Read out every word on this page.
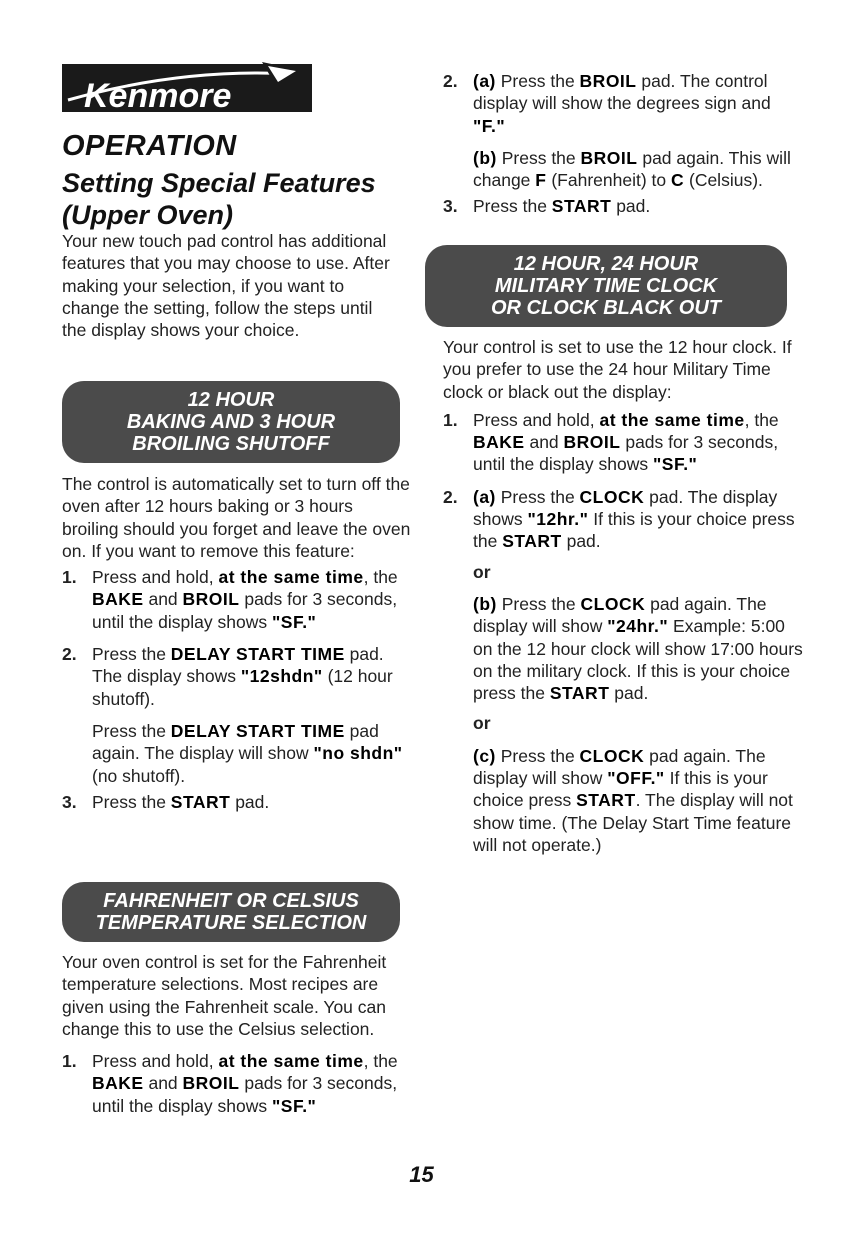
Kenmore
OPERATION
Setting Special Features
(Upper Oven)

Your new touch pad control has additional features that you may choose to use. After making your selection, if you want to change the setting, follow the steps until the display shows your choice.

12 HOUR
BAKING AND 3 HOUR
BROILING SHUTOFF

The control is automatically set to turn off the oven after 12 hours baking or 3 hours broiling should you forget and leave the oven on. If you want to remove this feature:

1. Press and hold, at the same time, the BAKE and BROIL pads for 3 seconds, until the display shows "SF."
2. Press the DELAY START TIME pad. The display shows "12shdn" (12 hour shutoff).
Press the DELAY START TIME pad again. The display will show "no shdn" (no shutoff).
3. Press the START pad.
FAHRENHEIT OR CELSIUS
TEMPERATURE SELECTION

Your oven control is set for the Fahrenheit temperature selections. Most recipes are given using the Fahrenheit scale. You can change this to use the Celsius selection.

1. Press and hold, at the same time, the BAKE and BROIL pads for 3 seconds, until the display shows "SF."
2. (a) Press the BROIL pad. The control display will show the degrees sign and "F."
(b) Press the BROIL pad again. This will change F (Fahrenheit) to C (Celsius).
3. Press the START pad.
12 HOUR, 24 HOUR
MILITARY TIME CLOCK
OR CLOCK BLACK OUT

Your control is set to use the 12 hour clock. If you prefer to use the 24 hour Military Time clock or black out the display:

1. Press and hold, at the same time, the BAKE and BROIL pads for 3 seconds, until the display shows "SF."
2. (a) Press the CLOCK pad. The display shows "12hr." If this is your choice press the START pad.
or
(b) Press the CLOCK pad again. The display will show "24hr." Example: 5:00 on the 12 hour clock will show 17:00 hours on the military clock. If this is your choice press the START pad.
or
(c) Press the CLOCK pad again. The display will show "OFF." If this is your choice press START. The display will not show time. (The Delay Start Time feature will not operate.)
15
